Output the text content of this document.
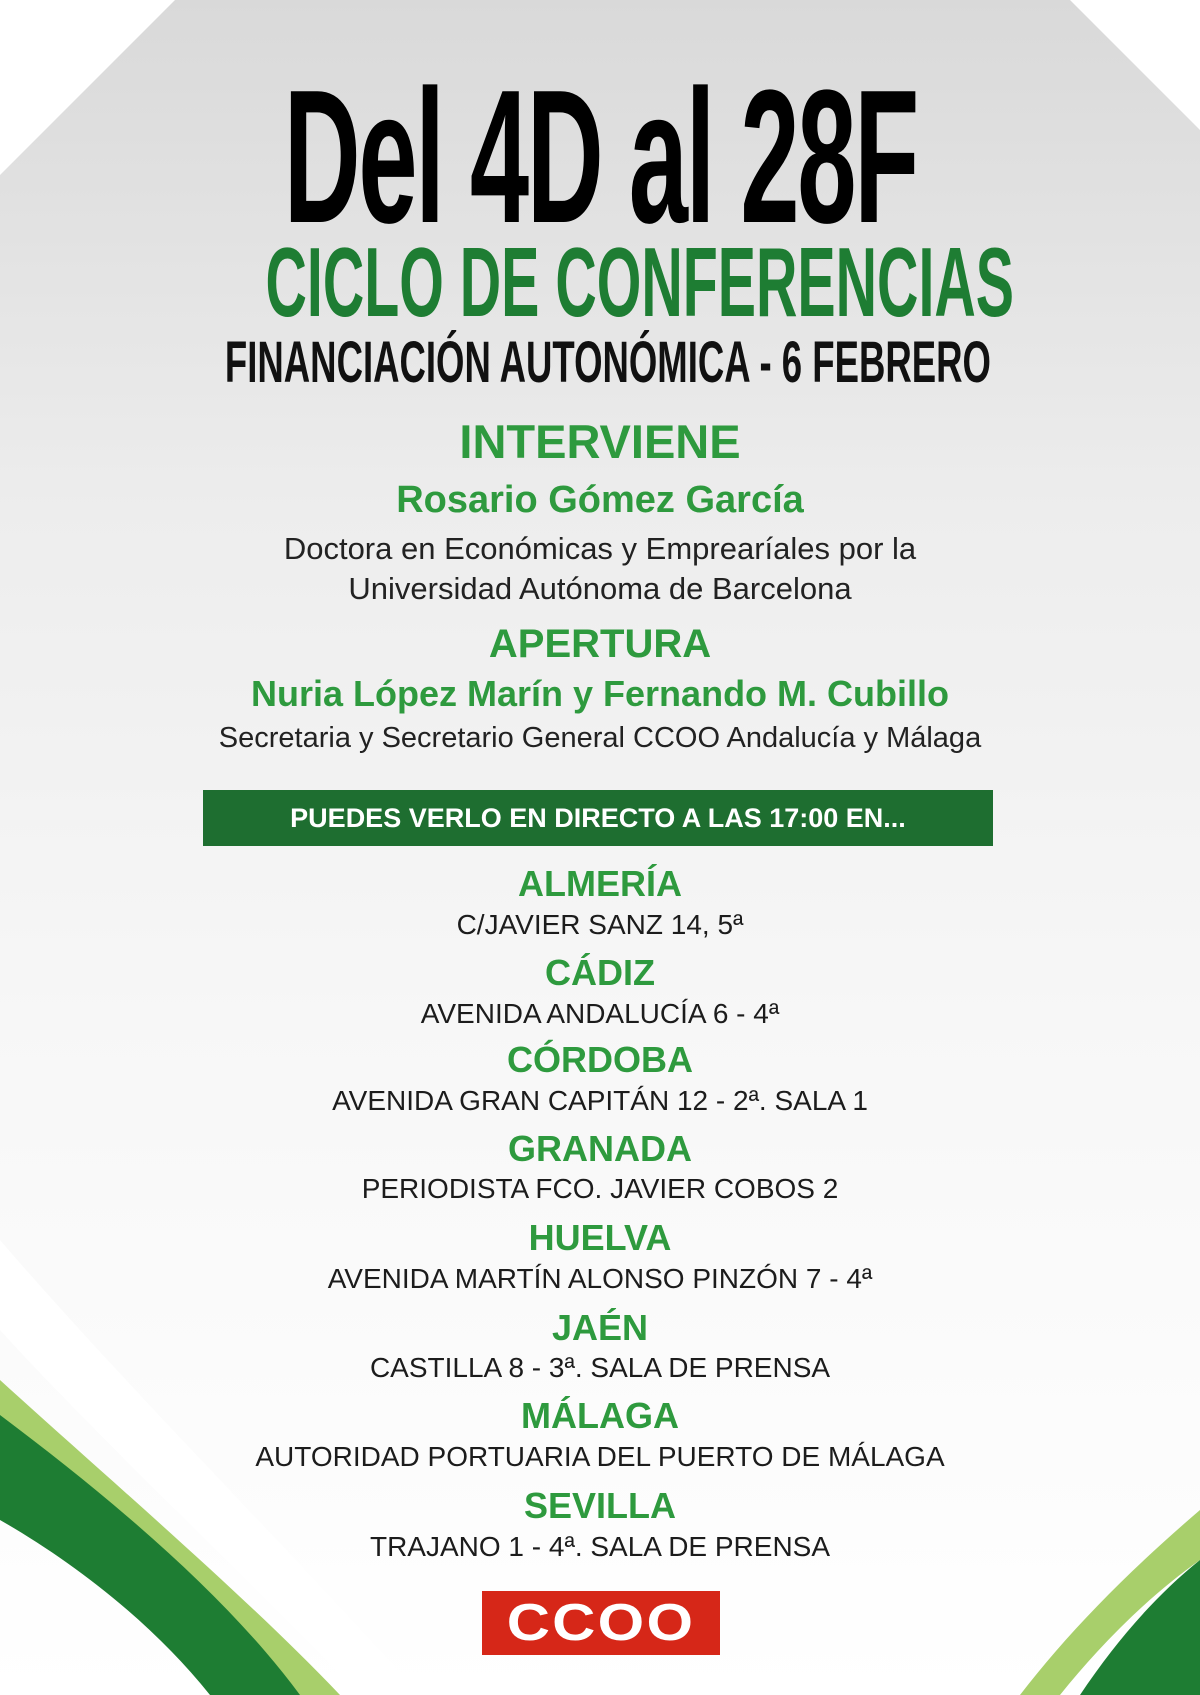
Del 4D al 28F
CICLO DE CONFERENCIAS
FINANCIACIÓN AUTONÓMICA - 6 FEBRERO
INTERVIENE
Rosario Gómez García
Doctora en Económicas y Emprearíales por la
Universidad Autónoma de Barcelona
APERTURA
Nuria López Marín y Fernando M. Cubillo
Secretaria y Secretario General CCOO Andalucía y Málaga
PUEDES VERLO EN DIRECTO A LAS 17:00 EN...
ALMERÍA
C/JAVIER SANZ 14, 5ª
CÁDIZ
AVENIDA ANDALUCÍA 6 - 4ª
CÓRDOBA
AVENIDA GRAN CAPITÁN 12 - 2ª. SALA 1
GRANADA
PERIODISTA FCO. JAVIER COBOS 2
HUELVA
AVENIDA MARTÍN ALONSO PINZÓN 7 - 4ª
JAÉN
CASTILLA 8 - 3ª. SALA DE PRENSA
MÁLAGA
AUTORIDAD PORTUARIA DEL PUERTO DE MÁLAGA
SEVILLA
TRAJANO 1 - 4ª. SALA DE PRENSA
CCOO
